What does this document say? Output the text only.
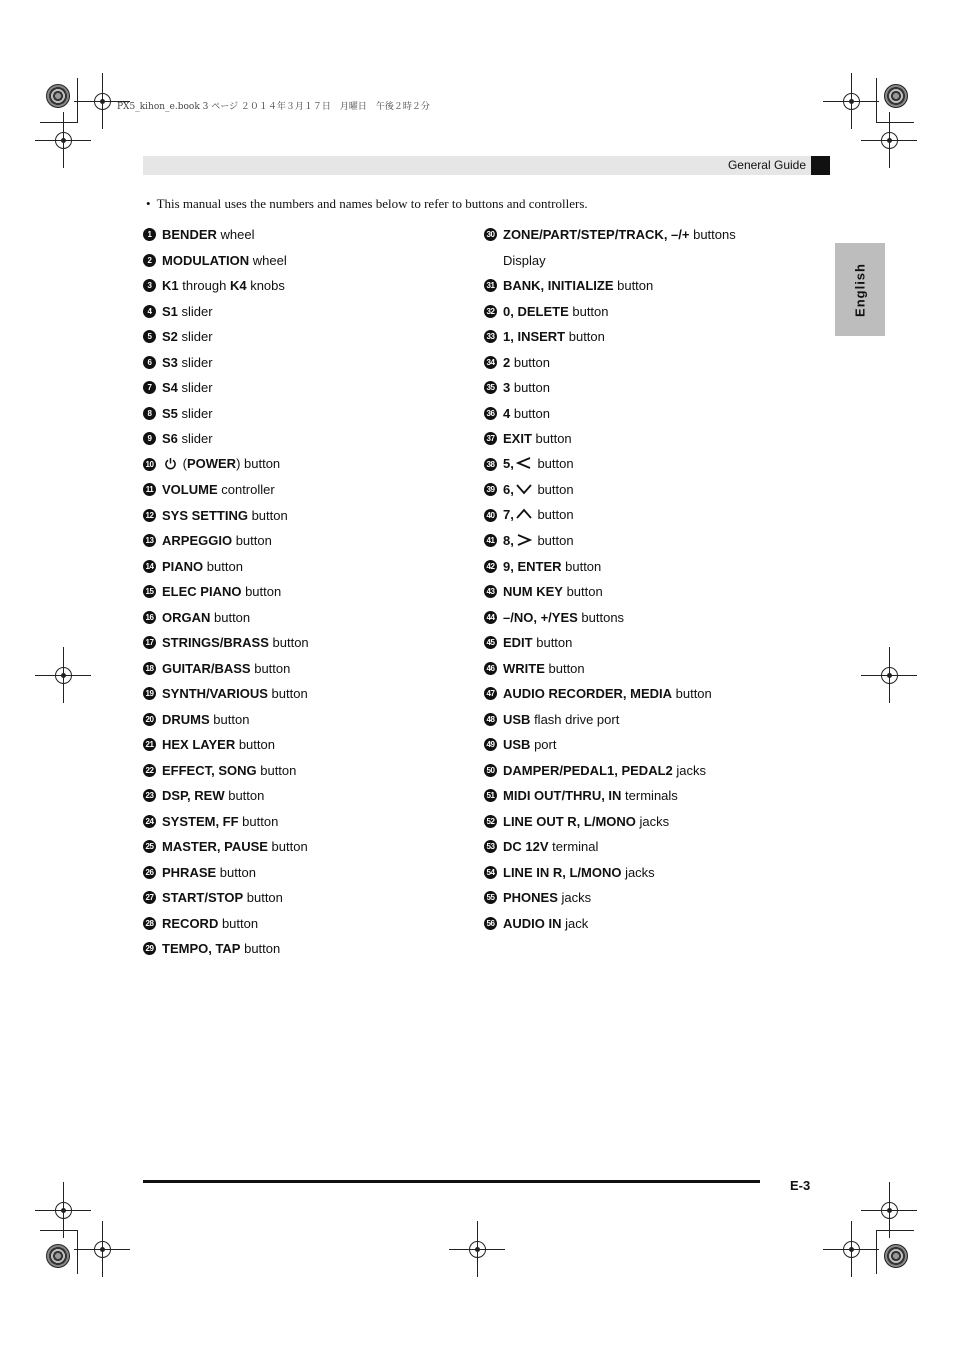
PX5_kihon_e.book 3 ページ ２０１４年３月１７日　月曜日　午後２時２分
General Guide
English
• This manual uses the numbers and names below to refer to buttons and controllers.
1 BENDER wheel
2 MODULATION wheel
3 K1 through K4 knobs
4 S1 slider
5 S2 slider
6 S3 slider
7 S4 slider
8 S5 slider
9 S6 slider
10	(POWER) button
11 VOLUME controller
12 SYS SETTING button
13 ARPEGGIO button
14 PIANO button
15 ELEC PIANO button
16 ORGAN button
17 STRINGS/BRASS button
18 GUITAR/BASS button
19 SYNTH/VARIOUS button
20 DRUMS button
21 HEX LAYER button
22 EFFECT, SONG button
23 DSP, REW button
24 SYSTEM, FF button
25 MASTER, PAUSE button
26 PHRASE button
27 START/STOP button
28 RECORD button
29 TEMPO, TAP button
30 ZONE/PART/STEP/TRACK, –/+ buttons
Display
31 BANK, INITIALIZE button
32 0, DELETE button
33 1, INSERT button
34 2 button
35 3 button
36 4 button
37 EXIT button
38 5, button
39 6, button
40 7, button
41 8, button
42 9, ENTER button
43 NUM KEY button
44 –/NO, +/YES buttons
45 EDIT button
46 WRITE button
47 AUDIO RECORDER, MEDIA button
48 USB flash drive port
49 USB port
50 DAMPER/PEDAL1, PEDAL2 jacks
51 MIDI OUT/THRU, IN terminals
52 LINE OUT R, L/MONO jacks
53 DC 12V terminal
54 LINE IN R, L/MONO jacks
55 PHONES jacks
56 AUDIO IN jack
E-3
